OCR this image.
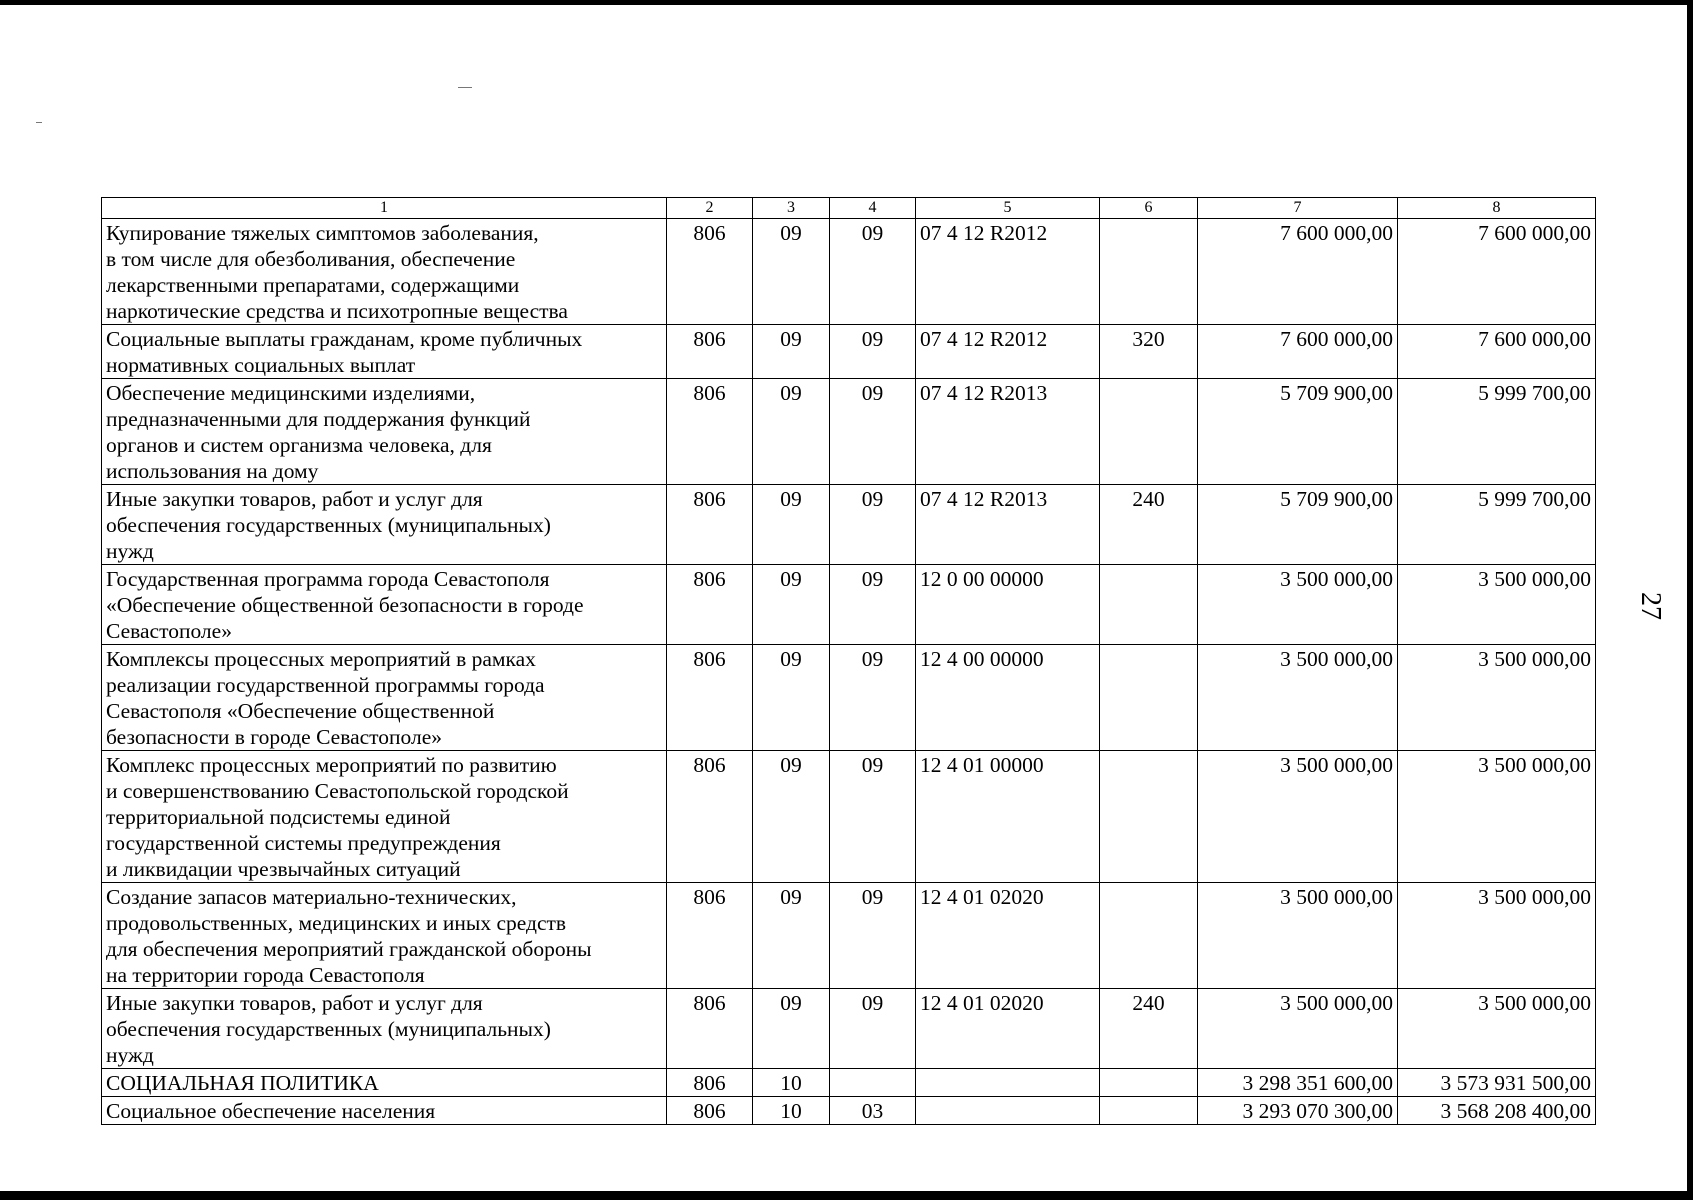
27
1	2	3	4	5	6	7	8
Купирование тяжелых симптомов заболевания,
в том числе для обезболивания, обеспечение
лекарственными препаратами, содержащими
наркотические средства и психотропные вещества	806	09	09	07 4 12 R2012		7 600 000,00	7 600 000,00
Социальные выплаты гражданам, кроме публичных
нормативных социальных выплат	806	09	09	07 4 12 R2012	320	7 600 000,00	7 600 000,00
Обеспечение медицинскими изделиями,
предназначенными для поддержания функций
органов и систем организма человека, для
использования на дому	806	09	09	07 4 12 R2013		5 709 900,00	5 999 700,00
Иные закупки товаров, работ и услуг для
обеспечения государственных (муниципальных)
нужд	806	09	09	07 4 12 R2013	240	5 709 900,00	5 999 700,00
Государственная программа города Севастополя
«Обеспечение общественной безопасности в городе
Севастополе»	806	09	09	12 0 00 00000		3 500 000,00	3 500 000,00
Комплексы процессных мероприятий в рамках
реализации государственной программы города
Севастополя «Обеспечение общественной
безопасности в городе Севастополе»	806	09	09	12 4 00 00000		3 500 000,00	3 500 000,00
Комплекс процессных мероприятий по развитию
и совершенствованию Севастопольской городской
территориальной подсистемы единой
государственной системы предупреждения
и ликвидации чрезвычайных ситуаций	806	09	09	12 4 01 00000		3 500 000,00	3 500 000,00
Создание запасов материально-технических,
продовольственных, медицинских и иных средств
для обеспечения мероприятий гражданской обороны
на территории города Севастополя	806	09	09	12 4 01 02020		3 500 000,00	3 500 000,00
Иные закупки товаров, работ и услуг для
обеспечения государственных (муниципальных)
нужд	806	09	09	12 4 01 02020	240	3 500 000,00	3 500 000,00
СОЦИАЛЬНАЯ ПОЛИТИКА	806	10				3 298 351 600,00	3 573 931 500,00
Социальное обеспечение населения	806	10	03			3 293 070 300,00	3 568 208 400,00
